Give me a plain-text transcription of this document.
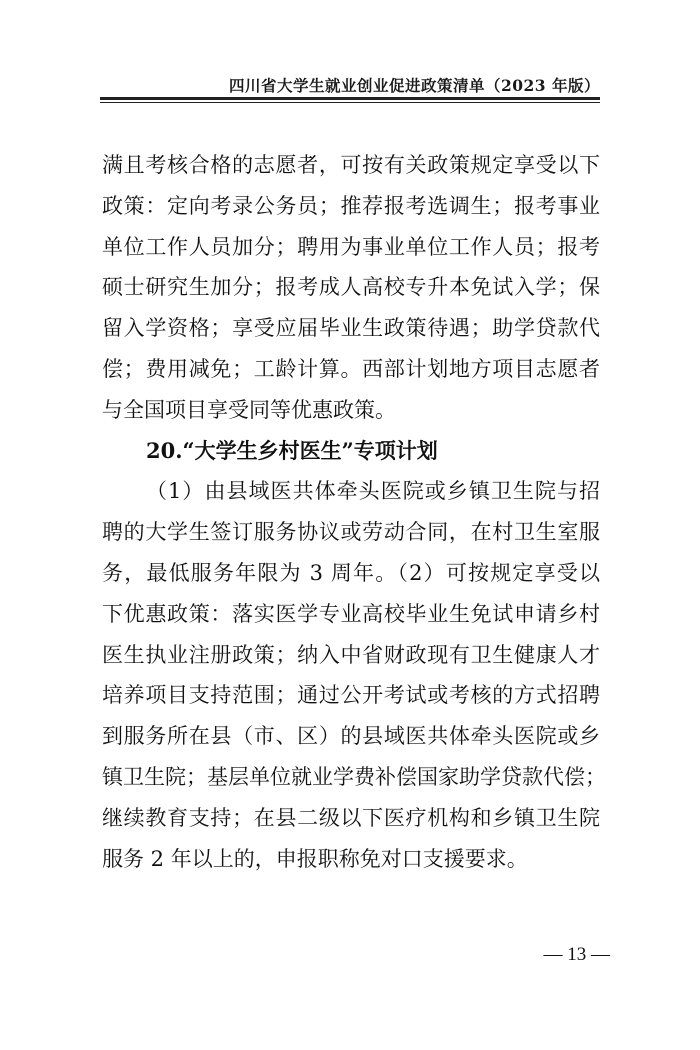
四川省大学生就业创业促进政策清单（2023 年版）
满且考核合格的志愿者，可按有关政策规定享受以下
政策：定向考录公务员；推荐报考选调生；报考事业
单位工作人员加分；聘用为事业单位工作人员；报考
硕士研究生加分；报考成人高校专升本免试入学；保
留入学资格；享受应届毕业生政策待遇；助学贷款代
偿；费用减免；工龄计算。西部计划地方项目志愿者
与全国项目享受同等优惠政策。
20.“大学生乡村医生”专项计划
（1）由县域医共体牵头医院或乡镇卫生院与招
聘的大学生签订服务协议或劳动合同，在村卫生室服
务，最低服务年限为 3 周年。（2）可按规定享受以
下优惠政策：落实医学专业高校毕业生免试申请乡村
医生执业注册政策；纳入中省财政现有卫生健康人才
培养项目支持范围；通过公开考试或考核的方式招聘
到服务所在县（市、区）的县域医共体牵头医院或乡
镇卫生院；基层单位就业学费补偿国家助学贷款代偿；
继续教育支持；在县二级以下医疗机构和乡镇卫生院
服务 2 年以上的，申报职称免对口支援要求。
— 13 —
